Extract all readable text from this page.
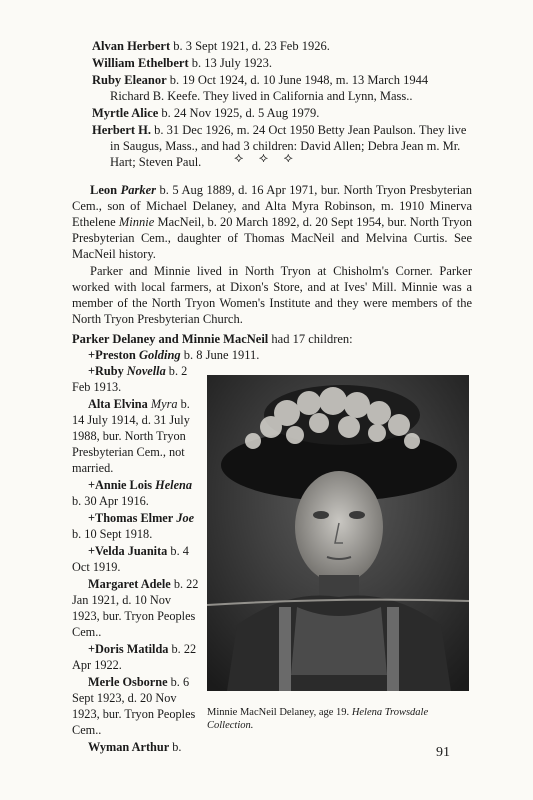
Alvan Herbert b. 3 Sept 1921, d. 23 Feb 1926.

William Ethelbert b. 13 July 1923.

Ruby Eleanor b. 19 Oct 1924, d. 10 June 1948, m. 13 March 1944 Richard B. Keefe. They lived in California and Lynn, Mass..

Myrtle Alice b. 24 Nov 1925, d. 5 Aug 1979.

Herbert H. b. 31 Dec 1926, m. 24 Oct 1950 Betty Jean Paulson. They live in Saugus, Mass., and had 3 children: David Allen; Debra Jean m. Mr. Hart; Steven Paul.	⟡ ⟡ ⟡

Leon Parker b. 5 Aug 1889, d. 16 Apr 1971, bur. North Tryon Presbyterian Cem., son of Michael Delaney, and Alta Myra Robinson, m. 1910 Minerva Ethelene Minnie MacNeil, b. 20 March 1892, d. 20 Sept 1954, bur. North Tryon Presbyterian Cem., daughter of Thomas MacNeil and Melvina Curtis. See MacNeil history.

Parker and Minnie lived in North Tryon at Chisholm's Corner. Parker worked with local farmers, at Dixon's Store, and at Ives' Mill. Minnie was a member of the North Tryon Women's Institute and they were members of the North Tryon Presbyterian Church.

Parker Delaney and Minnie MacNeil had 17 children:

+Preston Golding b. 8 June 1911.

+Ruby Novella b. 2 Feb 1913.

Alta Elvina Myra b. 14 July 1914, d. 31 July 1988, bur. North Tryon Presbyterian Cem., not married.

+Annie Lois Helena b. 30 Apr 1916.

+Thomas Elmer Joe b. 10 Sept 1918.

+Velda Juanita b. 4 Oct 1919.

Margaret Adele b. 22 Jan 1921, d. 10 Nov 1923, bur. Tryon Peoples Cem..

+Doris Matilda b. 22 Apr 1922.

Merle Osborne b. 6 Sept 1923, d. 20 Nov 1923, bur. Tryon Peoples Cem..

Wyman Arthur b.

Minnie MacNeil Delaney, age 19. Helena Trowsdale Collection.

91
